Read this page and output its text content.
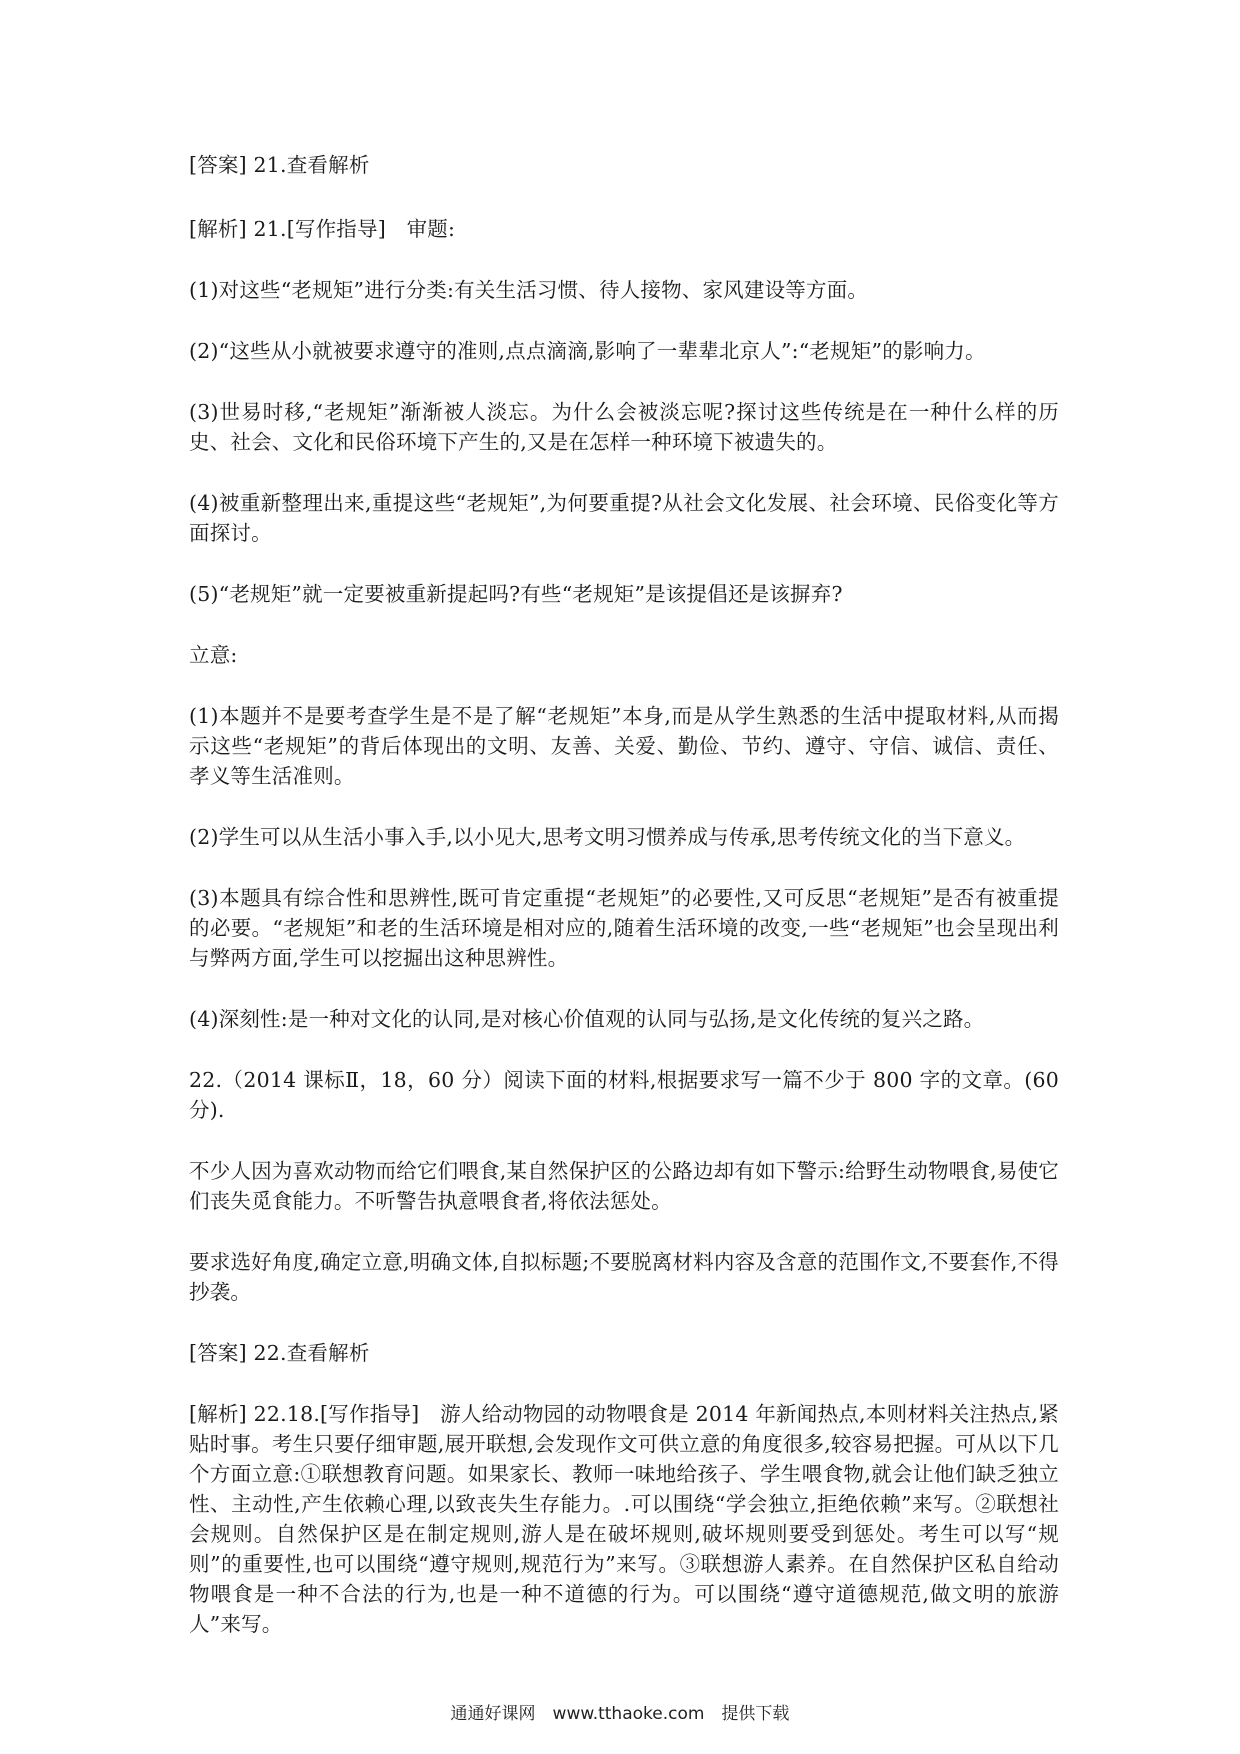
[答案] 21.查看解析

[解析] 21.[写作指导]　审题:

(1)对这些“老规矩”进行分类:有关生活习惯、待人接物、家风建设等方面。

(2)“这些从小就被要求遵守的准则,点点滴滴,影响了一辈辈北京人”:“老规矩”的影响力。

(3)世易时移,“老规矩”渐渐被人淡忘。为什么会被淡忘呢?探讨这些传统是在一种什么样的历史、社会、文化和民俗环境下产生的,又是在怎样一种环境下被遗失的。

(4)被重新整理出来,重提这些“老规矩”,为何要重提?从社会文化发展、社会环境、民俗变化等方面探讨。

(5)“老规矩”就一定要被重新提起吗?有些“老规矩”是该提倡还是该摒弃?

立意:

(1)本题并不是要考查学生是不是了解“老规矩”本身,而是从学生熟悉的生活中提取材料,从而揭示这些“老规矩”的背后体现出的文明、友善、关爱、勤俭、节约、遵守、守信、诚信、责任、孝义等生活准则。

(2)学生可以从生活小事入手,以小见大,思考文明习惯养成与传承,思考传统文化的当下意义。

(3)本题具有综合性和思辨性,既可肯定重提“老规矩”的必要性,又可反思“老规矩”是否有被重提的必要。“老规矩”和老的生活环境是相对应的,随着生活环境的改变,一些“老规矩”也会呈现出利与弊两方面,学生可以挖掘出这种思辨性。

(4)深刻性:是一种对文化的认同,是对核心价值观的认同与弘扬,是文化传统的复兴之路。

22.（2014 课标Ⅱ，18，60 分）阅读下面的材料,根据要求写一篇不少于 800 字的文章。(60 分).

不少人因为喜欢动物而给它们喂食,某自然保护区的公路边却有如下警示:给野生动物喂食,易使它们丧失觅食能力。不听警告执意喂食者,将依法惩处。

要求选好角度,确定立意,明确文体,自拟标题;不要脱离材料内容及含意的范围作文,不要套作,不得抄袭。

[答案] 22.查看解析

[解析] 22.18.[写作指导]　游人给动物园的动物喂食是 2014 年新闻热点,本则材料关注热点,紧贴时事。考生只要仔细审题,展开联想,会发现作文可供立意的角度很多,较容易把握。可从以下几个方面立意:①联想教育问题。如果家长、教师一味地给孩子、学生喂食物,就会让他们缺乏独立性、主动性,产生依赖心理,以致丧失生存能力。.可以围绕“学会独立,拒绝依赖”来写。②联想社会规则。自然保护区是在制定规则,游人是在破坏规则,破坏规则要受到惩处。考生可以写“规则”的重要性,也可以围绕“遵守规则,规范行为”来写。③联想游人素养。在自然保护区私自给动物喂食是一种不合法的行为,也是一种不道德的行为。可以围绕“遵守道德规范,做文明的旅游人”来写。

通通好课网　www.tthaoke.com　提供下载
